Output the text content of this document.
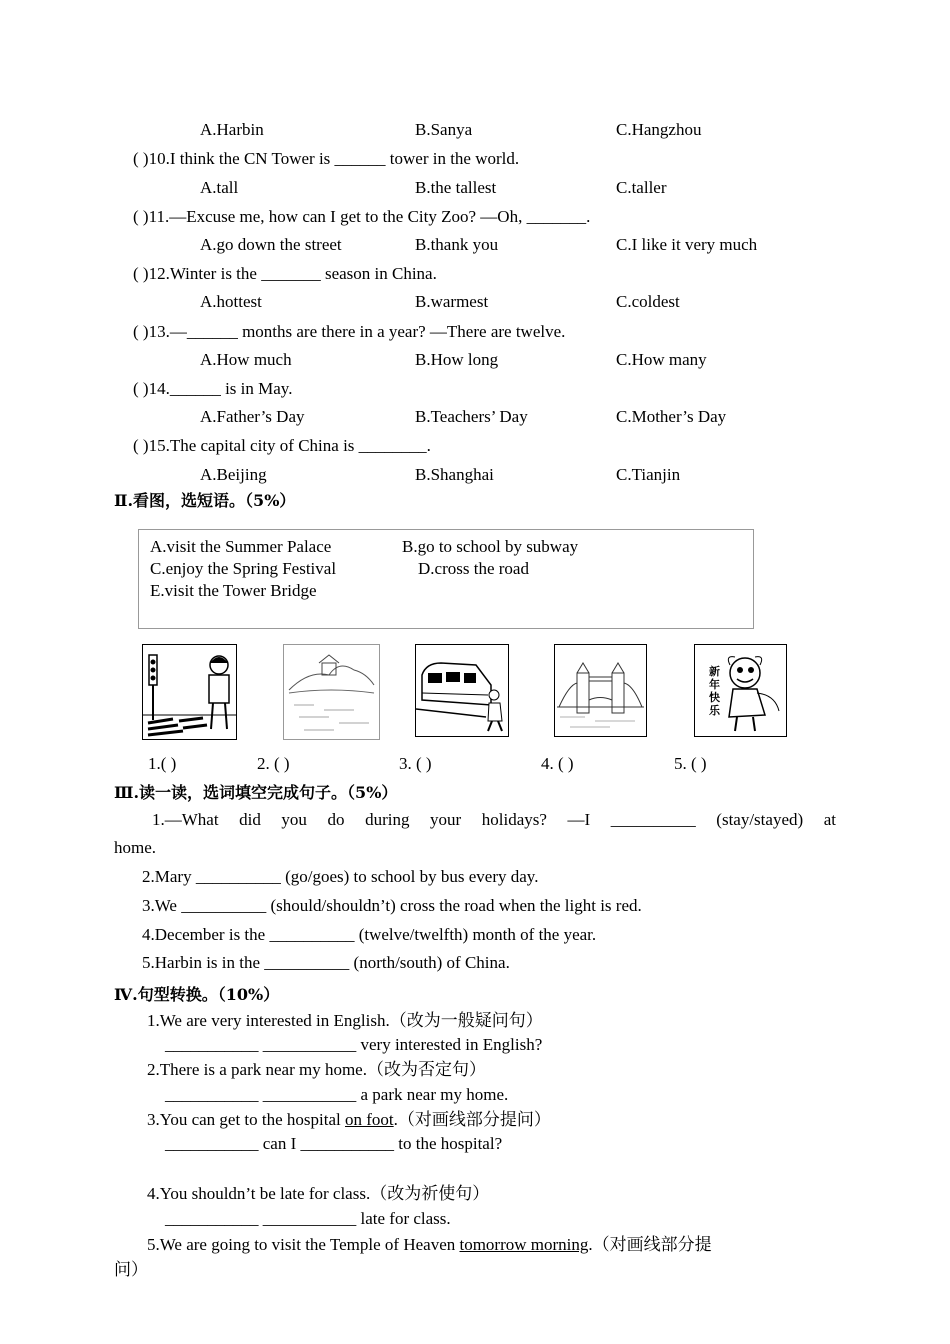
A.Harbin	B.Sanya	C.Hangzhou
( )10.I think the CN Tower is ______ tower in the world.
A.tall	B.the tallest	C.taller
( )11.—Excuse me, how can I get to the City Zoo? —Oh, _______.
A.go down the street	B.thank you	C.I like it very much
( )12.Winter is the _______ season in China.
A.hottest	B.warmest	C.coldest
( )13.—______ months are there in a year? —There are twelve.
A.How much	B.How long	C.How many
( )14.______ is in May.
A.Father’s Day	B.Teachers’ Day	C.Mother’s Day
( )15.The capital city of China is ________.
A.Beijing	B.Shanghai	C.Tianjin
Ⅱ.看图，选短语。（5%）
A.visit the Summer Palace	B.go to school by subway
C.enjoy the Spring Festival	D.cross the road
E.visit the Tower Bridge
新年快乐
1.( )	2. ( )	3. ( )	4. ( )	5. ( )
Ⅲ.读一读，选词填空完成句子。（5%）
1.—What did you do during your holidays? —I __________ (stay/stayed) at
home.
2.Mary __________ (go/goes) to school by bus every day.
3.We __________ (should/shouldn’t) cross the road when the light is red.
4.December is the __________ (twelve/twelfth) month of the year.
5.Harbin is in the __________ (north/south) of China.
Ⅳ.句型转换。（10%）
1.We are very interested in English.（改为一般疑问句）
___________ ___________ very interested in English?
2.There is a park near my home.（改为否定句）
___________ ___________ a park near my home.
3.You can get to the hospital on foot.（对画线部分提问）
___________ can I ___________ to the hospital?
4.You shouldn’t be late for class.（改为祈使句）
___________ ___________ late for class.
5.We are going to visit the Temple of Heaven tomorrow morning.（对画线部分提
问）
